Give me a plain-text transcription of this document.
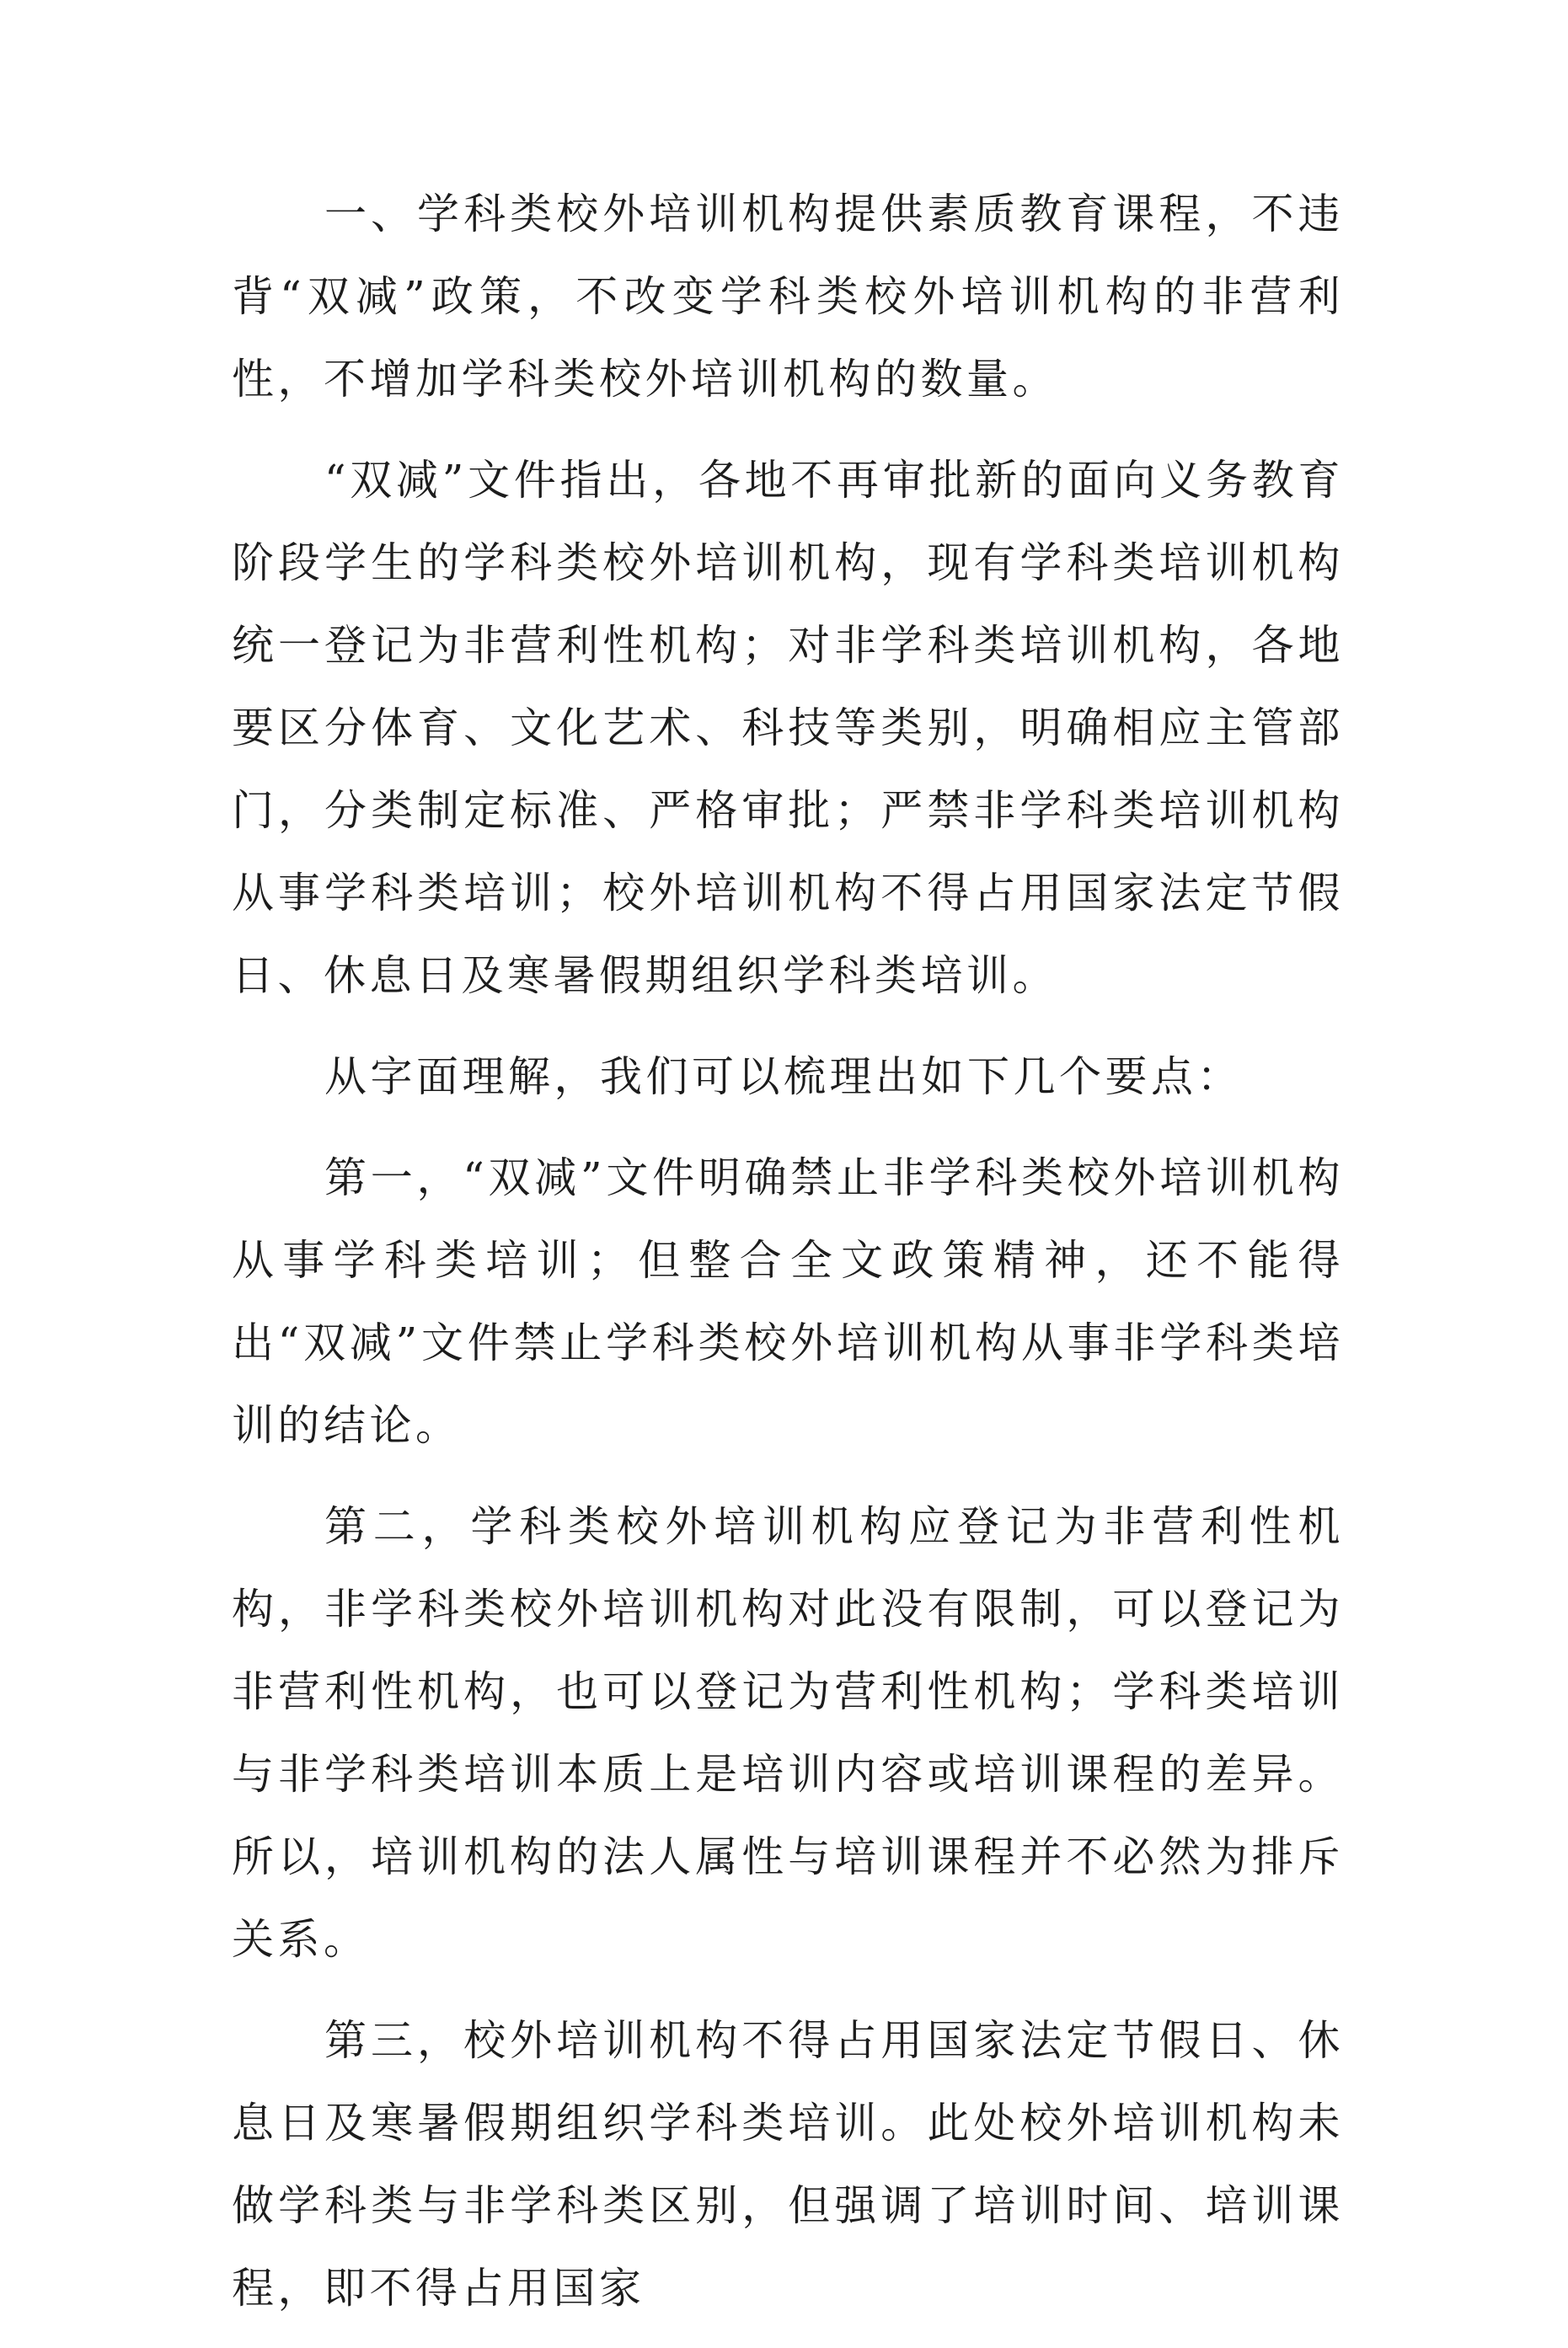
一、学科类校外培训机构提供素质教育课程，不违背“双减”政策，不改变学科类校外培训机构的非营利性，不增加学科类校外培训机构的数量。

“双减”文件指出，各地不再审批新的面向义务教育阶段学生的学科类校外培训机构，现有学科类培训机构统一登记为非营利性机构；对非学科类培训机构，各地要区分体育、文化艺术、科技等类别，明确相应主管部门，分类制定标准、严格审批；严禁非学科类培训机构从事学科类培训；校外培训机构不得占用国家法定节假日、休息日及寒暑假期组织学科类培训。

从字面理解，我们可以梳理出如下几个要点：

第一，“双减”文件明确禁止非学科类校外培训机构从事学科类培训；但整合全文政策精神，还不能得出“双减”文件禁止学科类校外培训机构从事非学科类培训的结论。

第二，学科类校外培训机构应登记为非营利性机构，非学科类校外培训机构对此没有限制，可以登记为非营利性机构，也可以登记为营利性机构；学科类培训与非学科类培训本质上是培训内容或培训课程的差异。所以，培训机构的法人属性与培训课程并不必然为排斥关系。

第三，校外培训机构不得占用国家法定节假日、休息日及寒暑假期组织学科类培训。此处校外培训机构未做学科类与非学科类区别，但强调了培训时间、培训课程，即不得占用国家
